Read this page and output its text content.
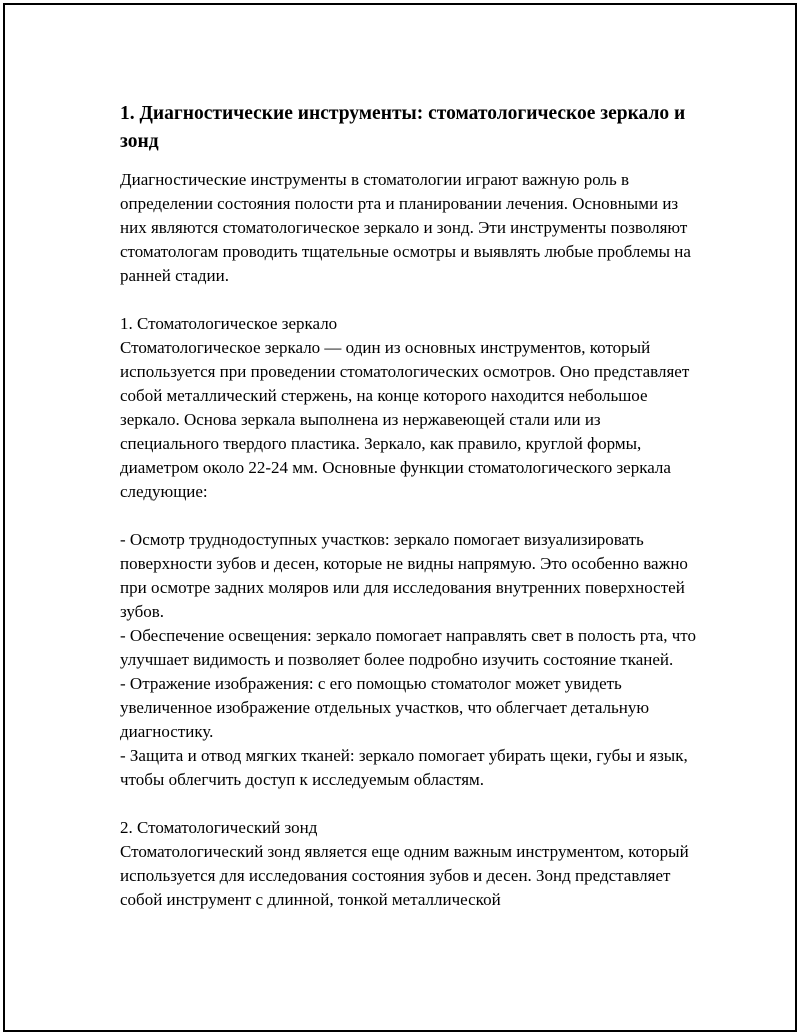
1. Диагностические инструменты: стоматологическое зеркало и зонд

Диагностические инструменты в стоматологии играют важную роль в определении состояния полости рта и планировании лечения. Основными из них являются стоматологическое зеркало и зонд. Эти инструменты позволяют стоматологам проводить тщательные осмотры и выявлять любые проблемы на ранней стадии.

1. Стоматологическое зеркало

Стоматологическое зеркало — один из основных инструментов, который используется при проведении стоматологических осмотров. Оно представляет собой металлический стержень, на конце которого находится небольшое зеркало. Основа зеркала выполнена из нержавеющей стали или из специального твердого пластика. Зеркало, как правило, круглой формы, диаметром около 22-24 мм. Основные функции стоматологического зеркала следующие:

- Осмотр труднодоступных участков: зеркало помогает визуализировать поверхности зубов и десен, которые не видны напрямую. Это особенно важно при осмотре задних моляров или для исследования внутренних поверхностей зубов.

- Обеспечение освещения: зеркало помогает направлять свет в полость рта, что улучшает видимость и позволяет более подробно изучить состояние тканей.

- Отражение изображения: с его помощью стоматолог может увидеть увеличенное изображение отдельных участков, что облегчает детальную диагностику.

- Защита и отвод мягких тканей: зеркало помогает убирать щеки, губы и язык, чтобы облегчить доступ к исследуемым областям.

2. Стоматологический зонд

Стоматологический зонд является еще одним важным инструментом, который используется для исследования состояния зубов и десен. Зонд представляет собой инструмент с длинной, тонкой металлической
